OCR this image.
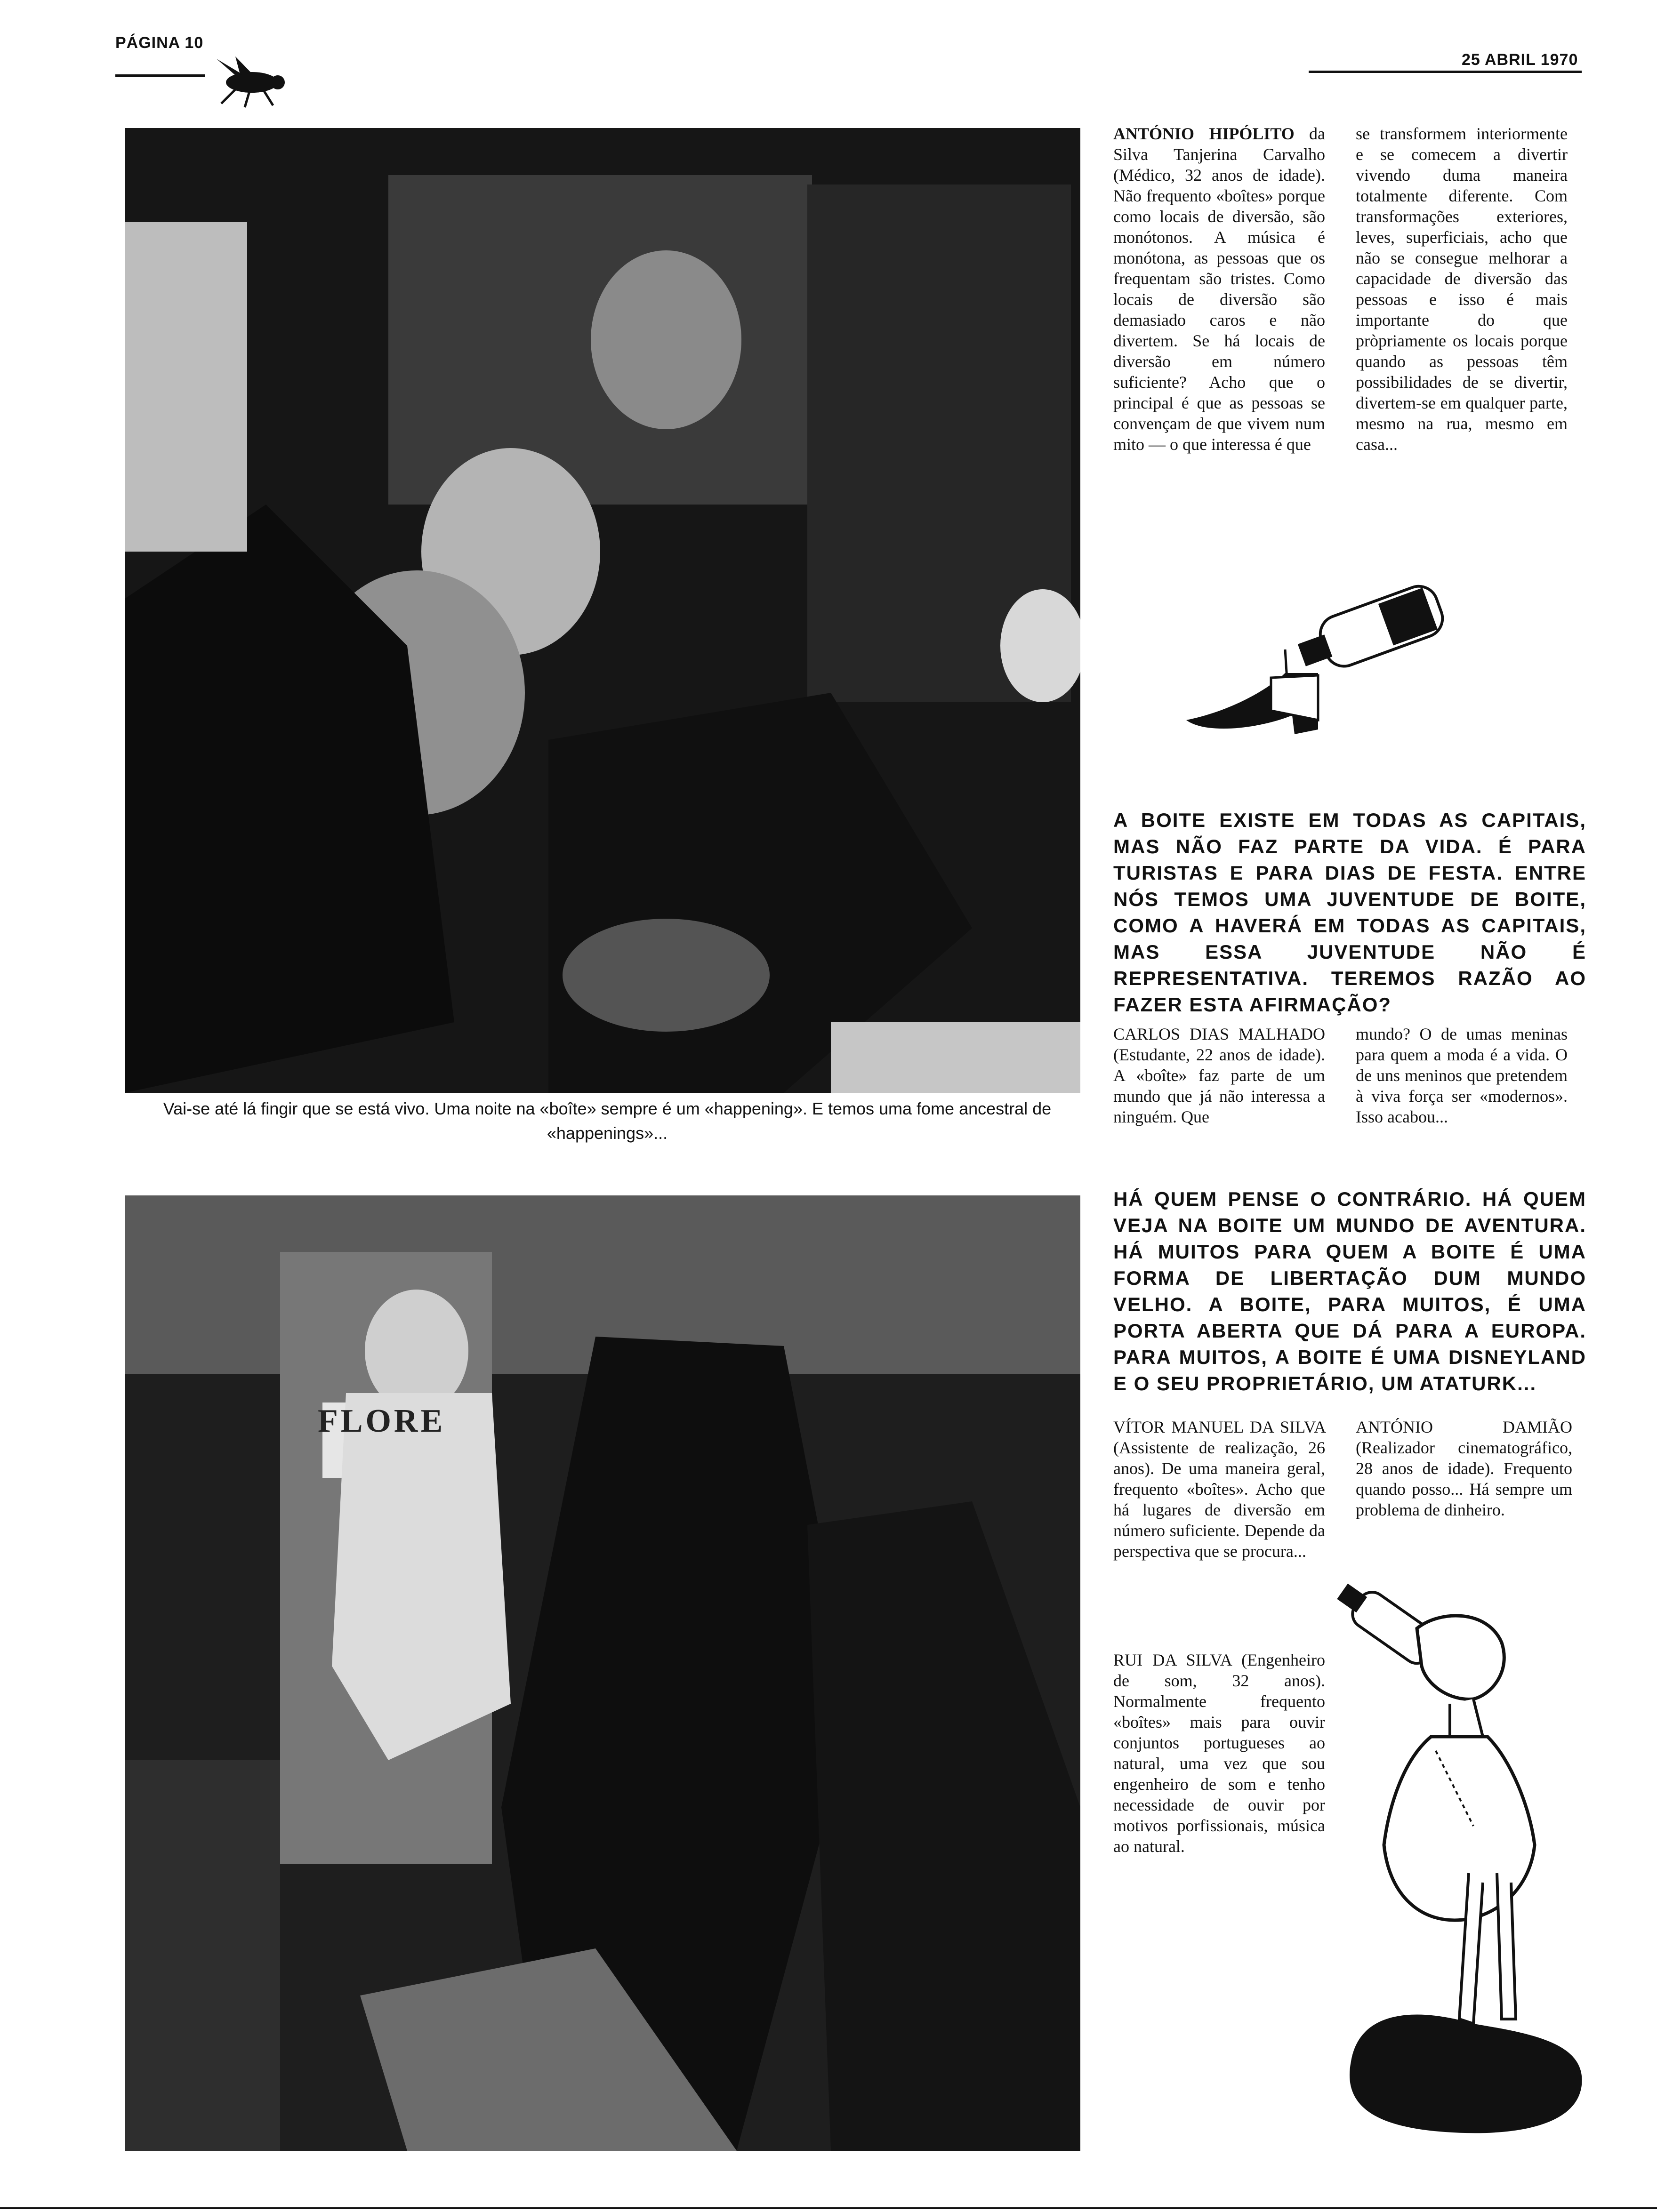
PÁGINA 10
25 ABRIL 1970
Vai-se até lá fingir que se está vivo. Uma noite na «boîte» sempre é um «happening». E temos uma fome ancestral de «happenings»...
FLORE
ANTÓNIO HIPÓLITO da Silva Tanjerina Carvalho (Médico, 32 anos de idade). Não frequento «boîtes» porque como locais de diversão, são monótonos. A música é monótona, as pessoas que os frequentam são tristes. Como locais de diversão são demasiado caros e não divertem. Se há locais de diversão em número suficiente? Acho que o principal é que as pessoas se convençam de que vivem num mito — o que interessa é que
se transformem interiormente e se comecem a divertir vivendo duma maneira totalmente diferente. Com transformações exteriores, leves, superficiais, acho que não se consegue melhorar a capacidade de diversão das pessoas e isso é mais importante do que pròpriamente os locais porque quando as pessoas têm possibilidades de se divertir, divertem-se em qualquer parte, mesmo na rua, mesmo em casa...
A BOITE EXISTE EM TODAS AS CAPITAIS, MAS NÃO FAZ PARTE DA VIDA. É PARA TURISTAS E PARA DIAS DE FESTA. ENTRE NÓS TEMOS UMA JUVENTUDE DE BOITE, COMO A HAVERÁ EM TODAS AS CAPITAIS, MAS ESSA JUVENTUDE NÃO É REPRESENTATIVA. TEREMOS RAZÃO AO FAZER ESTA AFIRMAÇÃO?
CARLOS DIAS MALHADO (Estudante, 22 anos de idade). A «boîte» faz parte de um mundo que já não interessa a ninguém. Que
mundo? O de umas meninas para quem a moda é a vida. O de uns meninos que pretendem à viva força ser «modernos». Isso acabou...
HÁ QUEM PENSE O CONTRÁRIO. HÁ QUEM VEJA NA BOITE UM MUNDO DE AVENTURA. HÁ MUITOS PARA QUEM A BOITE É UMA FORMA DE LIBERTAÇÃO DUM MUNDO VELHO. A BOITE, PARA MUITOS, É UMA PORTA ABERTA QUE DÁ PARA A EUROPA. PARA MUITOS, A BOITE É UMA DISNEYLAND E O SEU PROPRIETÁRIO, UM ATATURK...
VÍTOR MANUEL DA SILVA (Assistente de realização, 26 anos). De uma maneira geral, frequento «boîtes». Acho que há lugares de diversão em número suficiente. Depende da perspectiva que se procura...
ANTÓNIO DAMIÃO (Realizador cinematográfico, 28 anos de idade). Frequento quando posso... Há sempre um problema de dinheiro.
RUI DA SILVA (Engenheiro de som, 32 anos). Normalmente frequento «boîtes» mais para ouvir conjuntos portugueses ao natural, uma vez que sou engenheiro de som e tenho necessidade de ouvir por motivos porfissionais, música ao natural.
